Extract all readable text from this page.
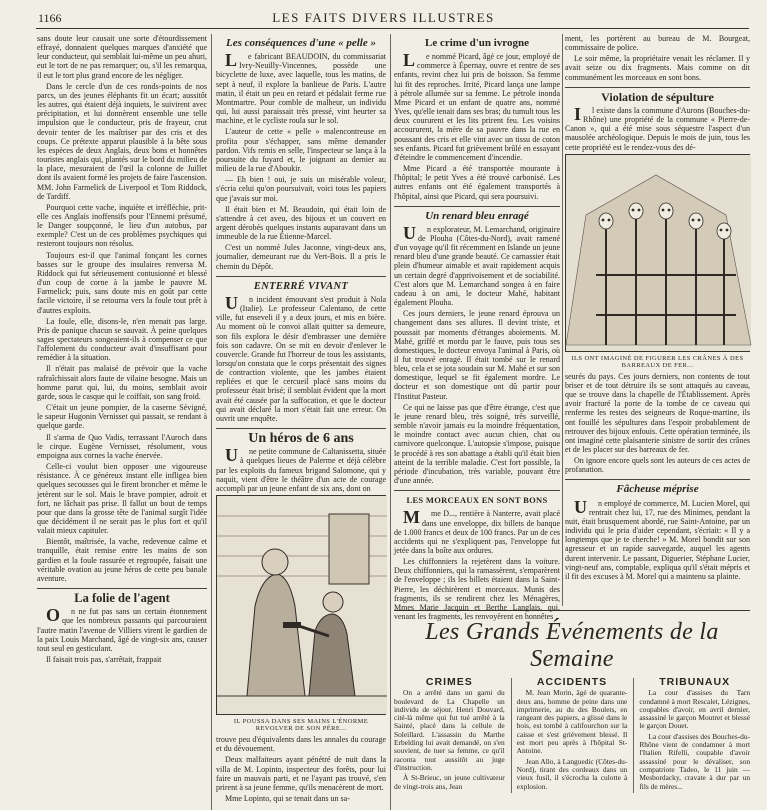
1166	LES FAITS DIVERS ILLUSTRES

sans doute leur causait une sorte d'étourdissement effrayé, donnaient quelques marques d'anxiété que leur conducteur, qui semblait lui-même un peu ahuri, eut le tort de ne pas remarquer; ou, s'il les remarqua, il eut le tort plus grand encore de les négliger.

Dans le cercle d'un de ces ronds-points de nos parcs, un des jeunes éléphants fit un écart; aussitôt les autres, qui étaient déjà inquiets, le suivirent avec précipitation, et lui donnèrent ensemble une telle impulsion que le conducteur, pris de frayeur, crut devoir tenter de les maîtriser par des cris et des coups. Ce prétexte apparut plausible à la bête sous les espèces de deux Anglais, deux bons et honnêtes touristes anglais qui, plantés sur le bord du milieu de la place, mesuraient de l'œil la colonne de Juillet dont ils avaient formé les projets de faire l'ascension. MM. John Farmelick de Liverpool et Tom Riddock, de Tardiff.

Pourquoi cette vache, inquiète et irréfléchie, prit-elle ces Anglais inoffensifs pour l'Ennemi présumé, le Danger soupçonné, le lieu d'un autobus, par exemple? C'est un de ces problèmes psychiques qui resteront toujours non résolus.

Toujours est-il que l'animal fonçant les cornes basses sur le groupe des insulaires renversa M. Riddock qui fut sérieusement contusionné et blessé d'un coup de corne à la jambe le pauvre M. Farmelick; puis, sans doute mis en goût par cette facile victoire, il se retourna vers la foule tout prêt à d'autres exploits.

La foule, elle, disons-le, n'en menait pas large. Pris de panique chacun se sauvait. À peine quelques sages spectateurs songeaient-ils à compenser ce que l'affolement du conducteur avait d'insuffisant pour remédier à la situation.

Il n'était pas malaisé de prévoir que la vache rafraîchissait alors faute de vilaine besogne. Mais un homme parut qui, lui, du moins, semblait avoir garde, sous le casque qui le coiffait, son sang froid.

C'était un jeune pompier, de la caserne Sévigné, le sapeur Hugonin Vernisset qui passait, se rendant à quelque garde.

Il s'arma de Quo Vadis, terrassant l'Auroch dans le cirque. Eugène Vernisset, résolument, vous empoigna aux cornes la vache énervée.

Celle-ci voulut bien opposer une vigoureuse résistance. À ce généreux instant elle infligea bien quelques secousses qui le firent broncher et même le jetèrent sur le sol. Mais le brave pompier, adroit et fort, ne lâchait pas prise. Il fallut un bout de temps pour que dans la grosse tête de l'animal surgît l'idée que décidément il ne serait pas le plus fort et qu'il valait mieux capituler.

Bientôt, maîtrisée, la vache, redevenue calme et tranquille, était remise entre les mains de son gardien et la foule rassurée et regroupée, faisait une véritable ovation au jeune héros de cette peu banale aventure.

La folie de l'agent

On ne fut pas sans un certain étonnement que les nombreux passants qui parcouraient l'autre matin l'avenue de Villiers virent le gardien de la paix Louis Marchand, âgé de vingt-six ans, causer tout seul en gesticulant.

Il faisait trois pas, s'arrêtait, frappait

Les conséquences d'une « pelle »

Le fabricant BEAUDOIN, du commissariat Ivry-Neuilly-Vincennes, possède une bicyclette de luxe, avec laquelle, tous les matins, de sept à neuf, il explore la banlieue de Paris. L'autre matin, il était un peu en retard et pédalait ferme rue Montmartre. Pour comble de malheur, un individu qui, lui aussi paraissait très pressé, vint heurter sa machine, et le cycliste roula sur le sol.

L'auteur de cette « pelle » malencontreuse en profita pour s'échapper, sans même demander pardon. Vifs remis en selle, l'inspecteur se lança à la poursuite du fuyard et, le joignant au dernier au milieu de la rue d'Aboukir.

— Eh bien ! oui, je suis un misérable voleur, s'écria celui qu'on poursuivait, voici tous les papiers que j'avais sur moi.

Il était bien et M. Beaudoin, qui était loin de s'attendre à cet aveu, des bijoux et un couvert en argent dérobés quelques instants auparavant dans un immeuble de la rue Étienne-Marcel.

C'est un nommé Jules Jaconne, vingt-deux ans, journalier, demeurant rue du Vert-Bois. Il a pris le chemin du Dépôt.

ENTERRÉ VIVANT

Un incident émouvant s'est produit à Nola (Italie). Le professeur Calentano, de cette ville, fut enseveli il y a deux jours, et mis en bière. Au moment où le convoi allait quitter sa demeure, son fils explora le désir d'embrasser une dernière fois son cadavre. On se mit en devoir d'enlever le couvercle. Grande fut l'horreur de tous les assistants, lorsqu'on constata que le corps présentait des signes de contraction violente, que les jambes étaient repliées et que le cercueil placé sans moins du professeur était brisé; il semblait évident que la mort avait été causée par la suffocation, et que le docteur qui avait déclaré la mort s'était fait une erreur. On ouvrit une enquête.

Un héros de 6 ans

Une petite commune de Caltanissetta, située à quelques lieues de Palerme et déjà célèbre par les exploits du fameux brigand Salomone, qui y naquit, vient d'être le théâtre d'un acte de courage accompli par un jeune enfant de six ans, dont on

IL POUSSA DANS SES MAINS L'ÉNORME
REVOLVER DE SON PÈRE...

trouve peu d'équivalents dans les annales du courage et du dévouement.

Deux malfaiteurs ayant pénétré de nuit dans la villa de M. Lopinto, inspecteur des forêts, pour lui faire un mauvais parti, et ne l'ayant pas trouvé, s'en prirent à sa jeune femme, qu'ils menacèrent de mort.

Mme Lopinto, qui se tenait dans un sa-

Le crime d'un ivrogne

Le nommé Picard, âgé ce jour, employé de commerce à Épernay, ouvre et rentre de ses enfants, revint chez lui pris de boisson. Sa femme lui fit des reproches. Irrité, Picard lança une lampe à pétrole allumée sur sa femme. Le pétrole inonda Mme Picard et un enfant de quatre ans, nommé Yves, qu'elle tenait dans ses bras; du tumult tous les deux coururent et les lits prirent feu. Les voisins accoururent, la mère de sa pauvre dans la rue en poussant des cris et elle vint avec un tissu de coton ses enfants. Picard fut grièvement brûlé en essayant d'éteindre le commencement d'incendie.

Mme Picard a été transportée mourante à l'hôpital; le petit Yves a été trouvé carbonisé. Les autres enfants ont été également transportés à l'hôpital, ainsi que Picard, qui sera poursuivi.

Un renard bleu enragé

Un explorateur, M. Lemarchand, originaire de Plouha (Côtes-du-Nord), avait ramené d'un voyage qu'il fit récemment en Islande un jeune renard bleu d'une grande beauté. Ce carnassier était plein d'humeur aimable et avait rapidement acquis un certain degré d'apprivoisement et de sociabilité. C'est alors que M. Lemarchand songea à en faire cadeau à un ami, le docteur Mahé, habitant également Plouha.

Ces jours derniers, le jeune renard éprouva un changement dans ses allures. Il devint triste, et poussait par moments d'étranges aboiements. M. Mahé, griffé et mordu par le fauve, puis tous ses domestiques, le docteur envoya l'animal à Paris, où il fut trouvé enragé. Il était tombé sur le renard bleu, cela et se jota soudain sur M. Mahé et sur son domestique, lequel se fit également mordre. Le docteur et son domestique ont dû partir pour l'Institut Pasteur.

Ce qui ne laisse pas que d'être étrange, c'est que le jeune renard bleu, très soigné, très surveillé, semble n'avoir jamais eu la moindre fréquentation, le moindre contact avec aucun chien, chat ou carnivore quelconque. L'autopsie s'impose, puisque le procédé à res son abattage a établi qu'il était bien atteint de la terrible maladie. C'est fort possible, la période d'incubation, très variable, pouvant être d'une année.

LES MORCEAUX EN SONT BONS

Mme D..., rentière à Nanterre, avait placé dans une enveloppe, dix billets de banque de 1.000 francs et deux de 100 francs. Par un de ces accidents qui ne s'expliquent pas, l'enveloppe fut jetée dans la boîte aux ordures.

Les chiffonniers la rejetèrent dans la voiture. Deux chiffonniers, qui la ramassèrent, s'emparèrent de l'enveloppe ; ils les billets étaient dans la Saint-Pierre, les déchirèrent et morceaux. Munis des fragments, ils se rendirent chez les Ménagères, Mmes Marie Jacquin et Berthe Langlais, qui, venant les fragments, les renvoyèrent en honnêtes

ment, les portèrent au bureau de M. Bourgeat, commissaire de police.

Le soir même, la propriétaire venait les réclamer. Il y avait seize ou dix fragments. Mais comme on dit communément les morceaux en sont bons.

Violation de sépulture

Il existe dans la commune d'Aurons (Bouches-du-Rhône) une propriété de la commune « Pierre-de-Canon », qui a été mise sous séquestre l'aspect d'un mausolée archéologique. Depuis le mois de juin, tous les cette propriété est le rendez-vous des dé-

ILS ONT IMAGINÉ DE FIGURER LES CRÂNES À DES BARREAUX DE FER...

seurés du pays. Ces jours derniers, non contents de tout briser et de tout détruire ils se sont attaqués au caveau, que se trouve dans la chapelle de l'Établissement. Après avoir fracturé la porte de la tombe de ce caveau qui renferme les restes des seigneurs de Roque-martine, ils ont fouillé les sépultures dans l'espoir probablement de retrouver des bijoux enfouis. Cette opération terminée, ils ont imaginé cette plaisanterie sinistre de sortir des crânes et de les placer sur des barreaux de fer.

On ignore encore quels sont les auteurs de ces actes de profanation.

Fâcheuse méprise

Un employé de commerce, M. Lucien Morel, qui rentrait chez lui, 17, rue des Minimes, pendant la nuit, était brusquement abordé, rue Saint-Antoine, par un individu qui le pria d'aider cependant, s'écriait: « Il y a longtemps que je te cherche! » M. Morel bondit sur son agresseur et un rapide sauvegarde, auquel les agents durent intervenir. Le passant, Diguerier, Stéphane Lucier, vingt-neuf ans, comptable, expliqua qu'il s'était mépris et il fit des excuses à M. Morel qui a maintenu sa plainte.

Les Grands Événements de la Semaine
CRIMES

On a arrêté dans un garni du boulevard de La Chapelle un individu de séjour, Henri Douvard, cité-là même qui fut tué arrêté à la Sainté, placé dans la cellule de Soleillard. L'assassin du Marthe Erbelding lui avait demandé, on s'en souvient, de tuer sa femme, ce qu'il raconta tout aussitôt au juge d'instruction.

À St-Brieuc, un jeune cultivateur de vingt-trois ans, Jean

ACCIDENTS

M. Jean Morin, âgé de quarante-deux ans, homme de peine dans une imprimerie, au du des Boulets, en rangeant des papiers, a glissé dans le bois, est tombé à califourchon sur la caisse et s'est grièvement blessé. Il est mort peu après à l'hôpital St-Antoine.

Jean Allo, à Languedic (Côtes-du-Nord), tirant des cordeaux dans un vieux fusil, il s'écrocha la culotte à explosion.

TRIBUNAUX

La cour d'assises du Tarn condamné à mort Rescalet, Lézignes, coupables d'avoir, en avril dernier, assassiné le garçon Moutret et blessé le garçon Douet.

La cour d'assises des Bouches-du-Rhône vient de condamner à mort l'Italien Rifelli, coupable d'avoir assassiné pour le dévaliser, son compatriote Tadeo, le 11 juin — Mesbordacky, cravate à dur par un fils de mères...
